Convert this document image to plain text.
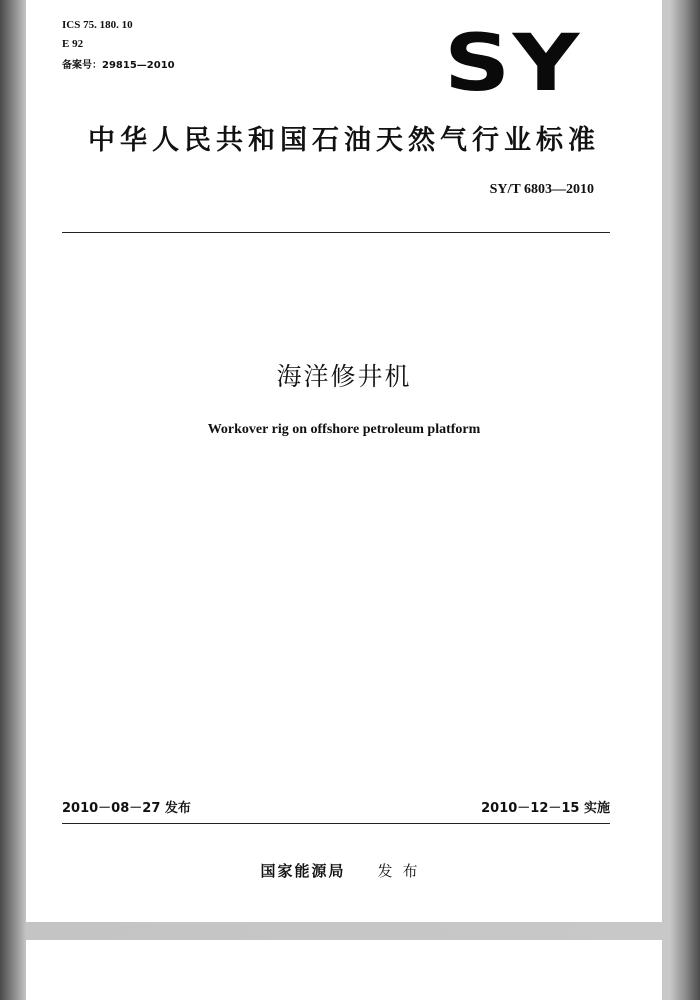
ICS 75. 180. 10
E 92
备案号：29815—2010	SY
中华人民共和国石油天然气行业标准
SY/T 6803—2010
海洋修井机
Workover rig on offshore petroleum platform
2010－08－27 发布	2010－12－15 实施
国家能源局 发布
